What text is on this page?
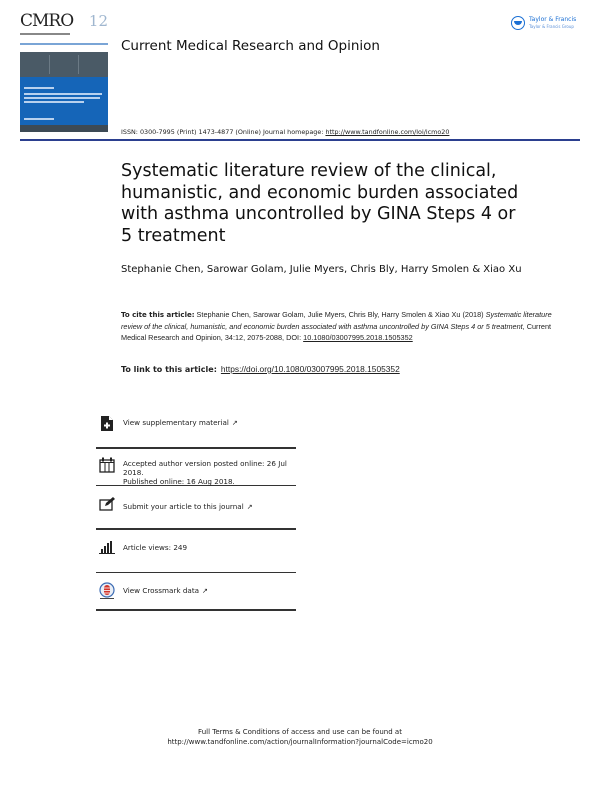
CMRO 12	Taylor & Francis
Taylor & Francis Group
Current Medical Research and Opinion
ISSN: 0300-7995 (Print) 1473-4877 (Online) Journal homepage: http://www.tandfonline.com/loi/icmo20
Systematic literature review of the clinical, humanistic, and economic burden associated with asthma uncontrolled by GINA Steps 4 or 5 treatment
Stephanie Chen, Sarowar Golam, Julie Myers, Chris Bly, Harry Smolen & Xiao Xu
To cite this article: Stephanie Chen, Sarowar Golam, Julie Myers, Chris Bly, Harry Smolen & Xiao Xu (2018) Systematic literature review of the clinical, humanistic, and economic burden associated with asthma uncontrolled by GINA Steps 4 or 5 treatment, Current Medical Research and Opinion, 34:12, 2075-2088, DOI: 10.1080/03007995.2018.1505352
To link to this article: https://doi.org/10.1080/03007995.2018.1505352
View supplementary material ↗
Accepted author version posted online: 26 Jul 2018.
Published online: 16 Aug 2018.
Submit your article to this journal ↗
Article views: 249
View Crossmark data ↗
Full Terms & Conditions of access and use can be found at
http://www.tandfonline.com/action/journalInformation?journalCode=icmo20
